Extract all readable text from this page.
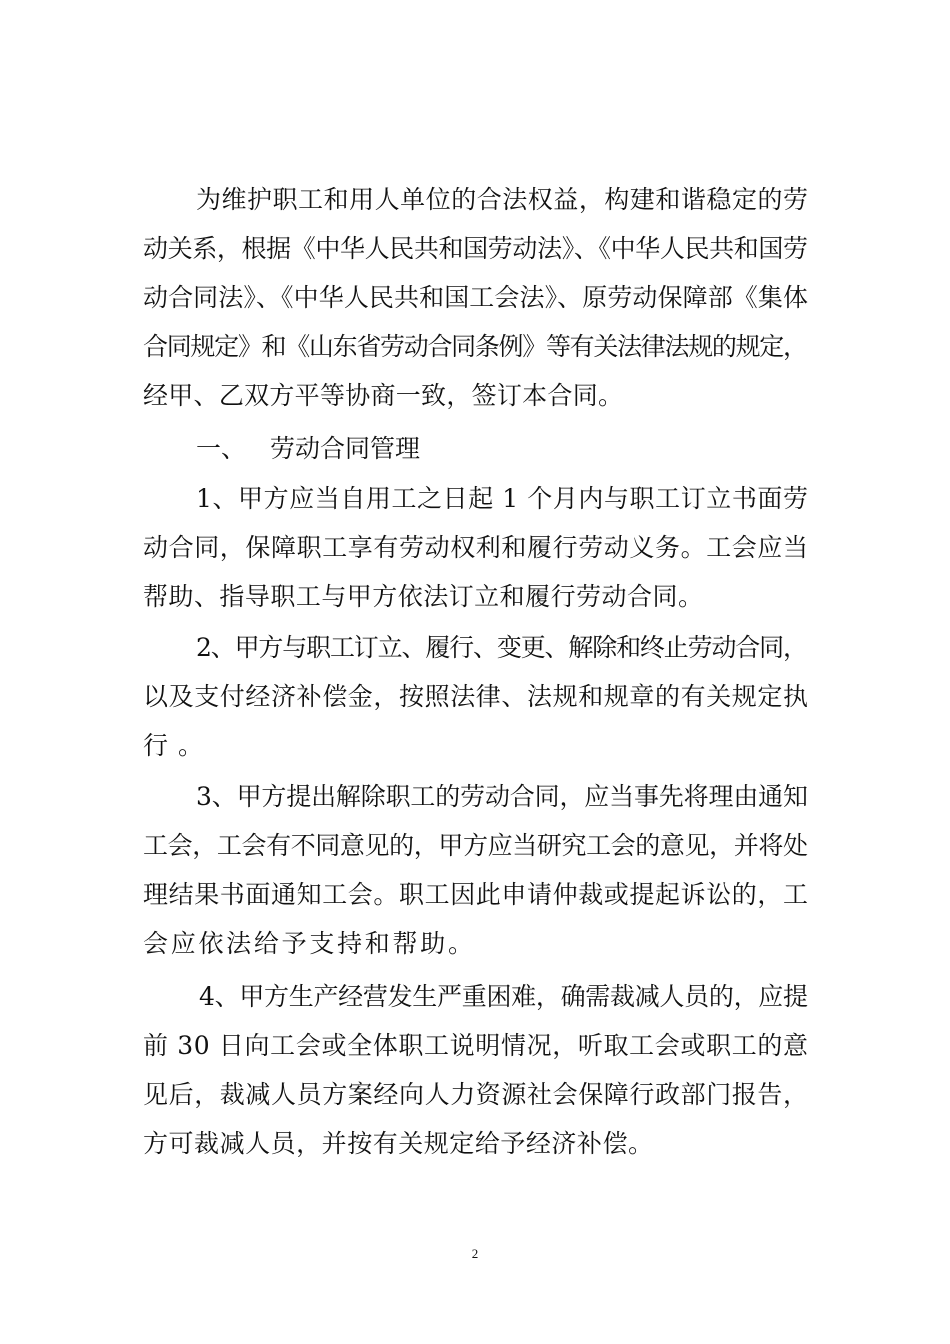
为维护职工和用人单位的合法权益，构建和谐稳定的劳
动关系，根据《中华人民共和国劳动法》、《中华人民共和国劳
动合同法》、《中华人民共和国工会法》、原劳动保障部《集体
合同规定》和《山东省劳动合同条例》等有关法律法规的规定，
经甲、乙双方平等协商一致，签订本合同。
一、 劳动合同管理
1、甲方应当自用工之日起 1 个月内与职工订立书面劳
动合同，保障职工享有劳动权利和履行劳动义务。工会应当
帮助、指导职工与甲方依法订立和履行劳动合同。
2、甲方与职工订立、履行、变更、解除和终止劳动合同，
以及支付经济补偿金，按照法律、法规和规章的有关规定执
行。
3、甲方提出解除职工的劳动合同，应当事先将理由通知
工会，工会有不同意见的，甲方应当研究工会的意见，并将处
理结果书面通知工会。职工因此申请仲裁或提起诉讼的，工
会应依法给予支持和帮助。
4、甲方生产经营发生严重困难，确需裁减人员的，应提
前 30 日向工会或全体职工说明情况，听取工会或职工的意
见后，裁减人员方案经向人力资源社会保障行政部门报告，
方可裁减人员，并按有关规定给予经济补偿。
2
